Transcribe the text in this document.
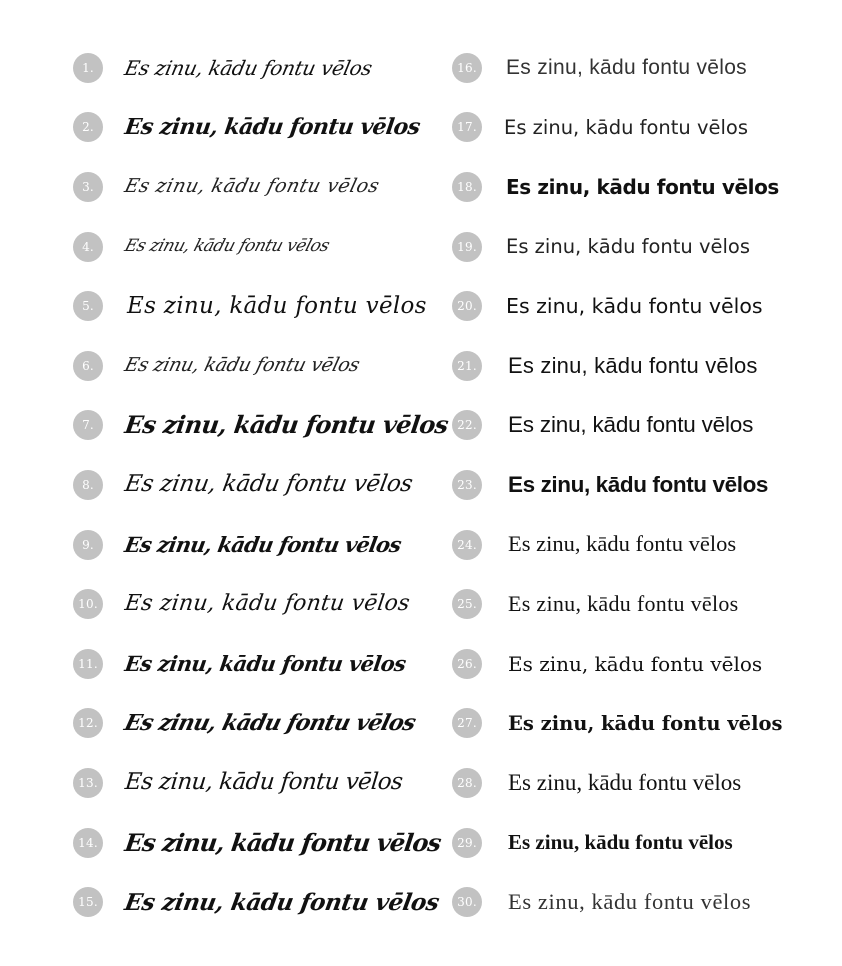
1.	Es zinu, kādu fontu vēlos
2.	Es zinu, kādu fontu vēlos
3.	Es zinu, kādu fontu vēlos
4.	Es zinu, kādu fontu vēlos
5.	Es zinu, kādu fontu vēlos
6.	Es zinu, kādu fontu vēlos
7.	Es zinu, kādu fontu vēlos
8.	Es zinu, kādu fontu vēlos
9.	Es zinu, kādu fontu vēlos
10. Es zinu, kādu fontu vēlos
11. Es zinu, kādu fontu vēlos
12. Es zinu, kādu fontu vēlos
13. Es zinu, kādu fontu vēlos
14. Es zinu, kādu fontu vēlos
15. Es zinu, kādu fontu vēlos
16. Es zinu, kādu fontu vēlos
17. Es zinu, kādu fontu vēlos
18. Es zinu, kādu fontu vēlos
19. Es zinu, kādu fontu vēlos
20. Es zinu, kādu fontu vēlos
21. Es zinu, kādu fontu vēlos
22. Es zinu, kādu fontu vēlos
23. Es zinu, kādu fontu vēlos
24. Es zinu, kādu fontu vēlos
25. Es zinu, kādu fontu vēlos
26. Es zinu, kādu fontu vēlos
27. Es zinu, kādu fontu vēlos
28. Es zinu, kādu fontu vēlos
29. Es zinu, kādu fontu vēlos
30. Es zinu, kādu fontu vēlos
